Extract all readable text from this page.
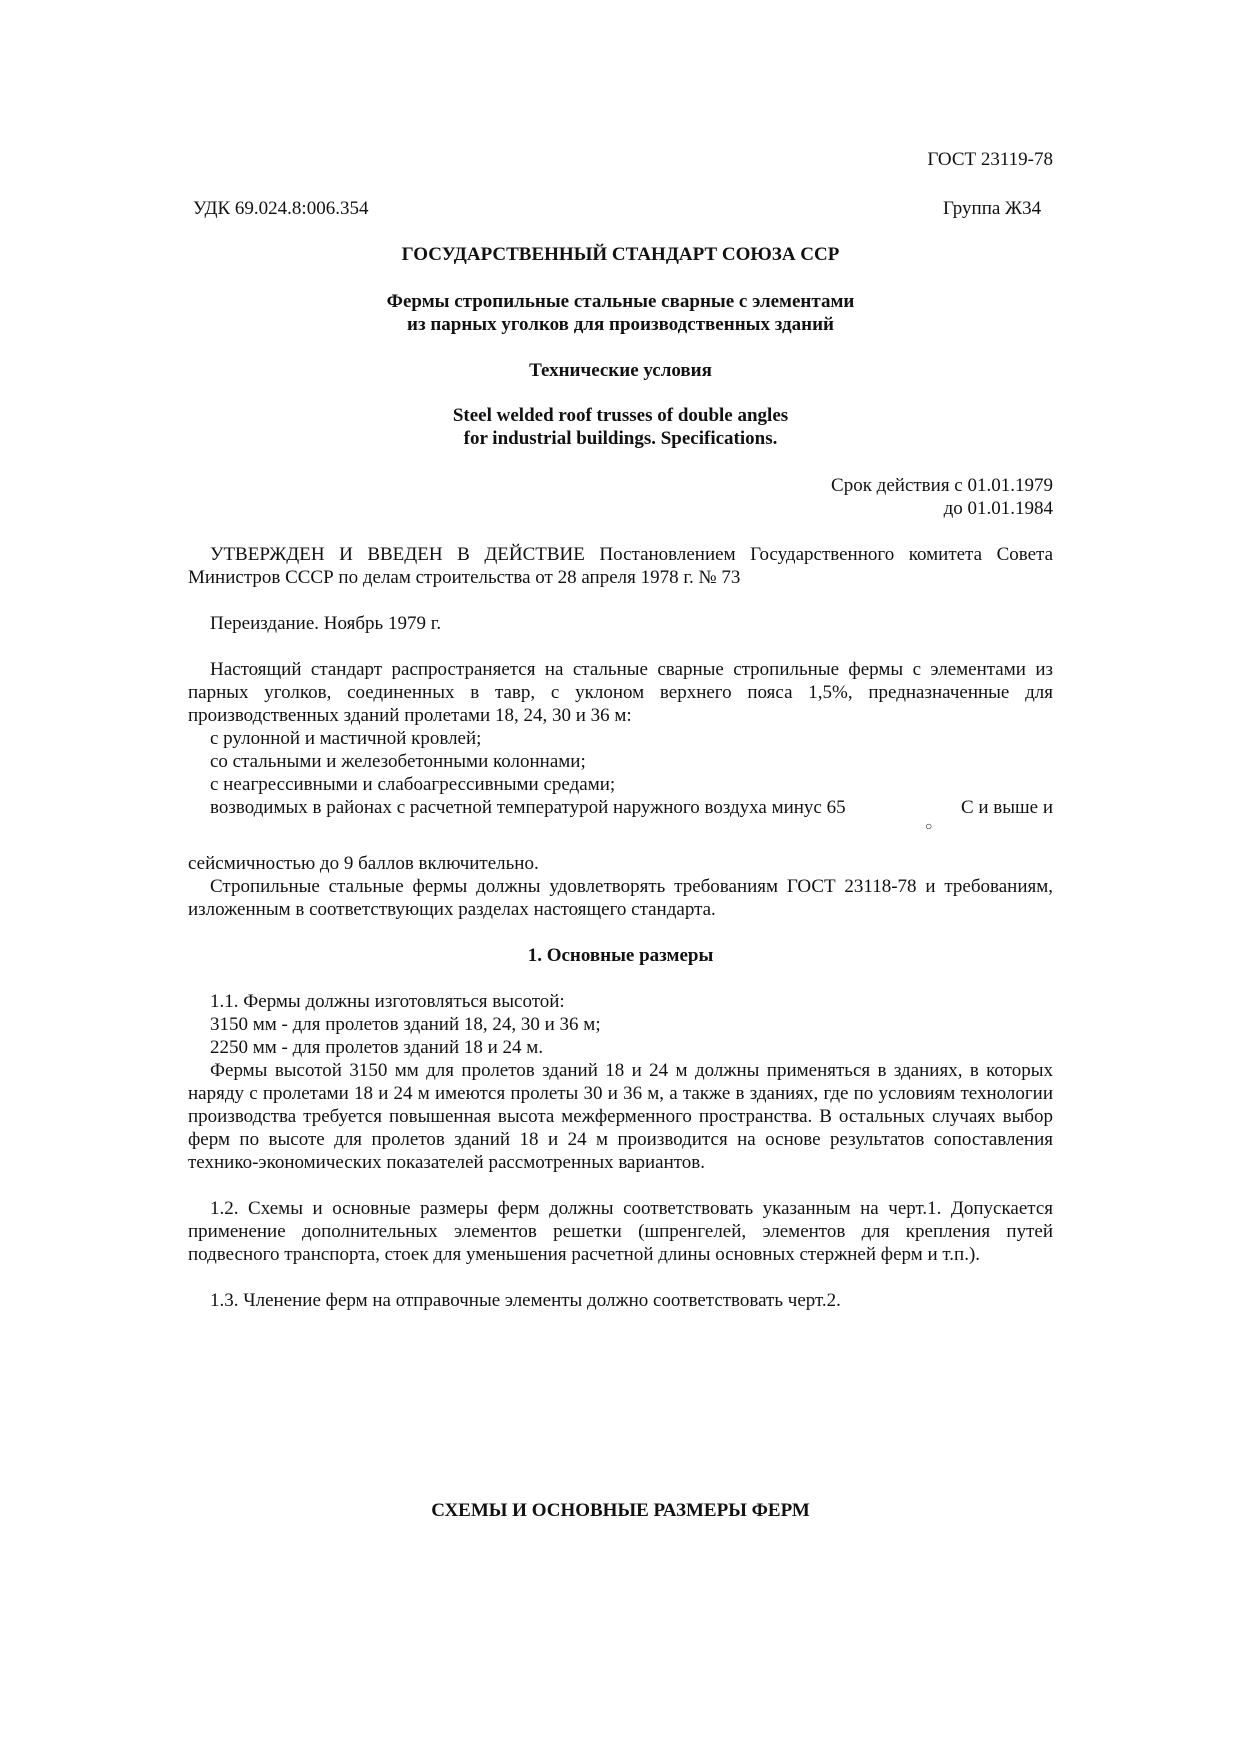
ГОСТ 23119-78
УДК 69.024.8:006.354	Группа Ж34
ГОСУДАРСТВЕННЫЙ СТАНДАРТ СОЮЗА ССР
Фермы стропильные стальные сварные с элементами
из парных уголков для производственных зданий
Технические условия
Steel welded roof trusses of double angles
for industrial buildings. Specifications.
Срок действия с 01.01.1979
до 01.01.1984
УТВЕРЖДЕН И ВВЕДЕН В ДЕЙСТВИЕ Постановлением Государственного комитета Совета Министров СССР по делам строительства от 28 апреля 1978 г. № 73
Переиздание. Ноябрь 1979 г.
Настоящий стандарт распространяется на стальные сварные стропильные фермы с элементами из парных уголков, соединенных в тавр, с уклоном верхнего пояса 1,5%, предназначенные для производственных зданий пролетами 18, 24, 30 и 36 м:
с рулонной и мастичной кровлей;
со стальными и железобетонными колоннами;
с неагрессивными и слабоагрессивными средами;
возводимых в районах с расчетной температурой наружного воздуха минус 65	С и выше и
○
сейсмичностью до 9 баллов включительно.
Стропильные стальные фермы должны удовлетворять требованиям ГОСТ 23118-78 и требованиям, изложенным в соответствующих разделах настоящего стандарта.
1. Основные размеры
1.1. Фермы должны изготовляться высотой:
3150 мм - для пролетов зданий 18, 24, 30 и 36 м;
2250 мм - для пролетов зданий 18 и 24 м.
Фермы высотой 3150 мм для пролетов зданий 18 и 24 м должны применяться в зданиях, в которых наряду с пролетами 18 и 24 м имеются пролеты 30 и 36 м, а также в зданиях, где по условиям технологии производства требуется повышенная высота межферменного пространства. В остальных случаях выбор ферм по высоте для пролетов зданий 18 и 24 м производится на основе результатов сопоставления технико-экономических показателей рассмотренных вариантов.
1.2. Схемы и основные размеры ферм должны соответствовать указанным на черт.1. Допускается применение дополнительных элементов решетки (шпренгелей, элементов для крепления путей подвесного транспорта, стоек для уменьшения расчетной длины основных стержней ферм и т.п.).
1.3. Членение ферм на отправочные элементы должно соответствовать черт.2.
СХЕМЫ И ОСНОВНЫЕ РАЗМЕРЫ ФЕРМ
